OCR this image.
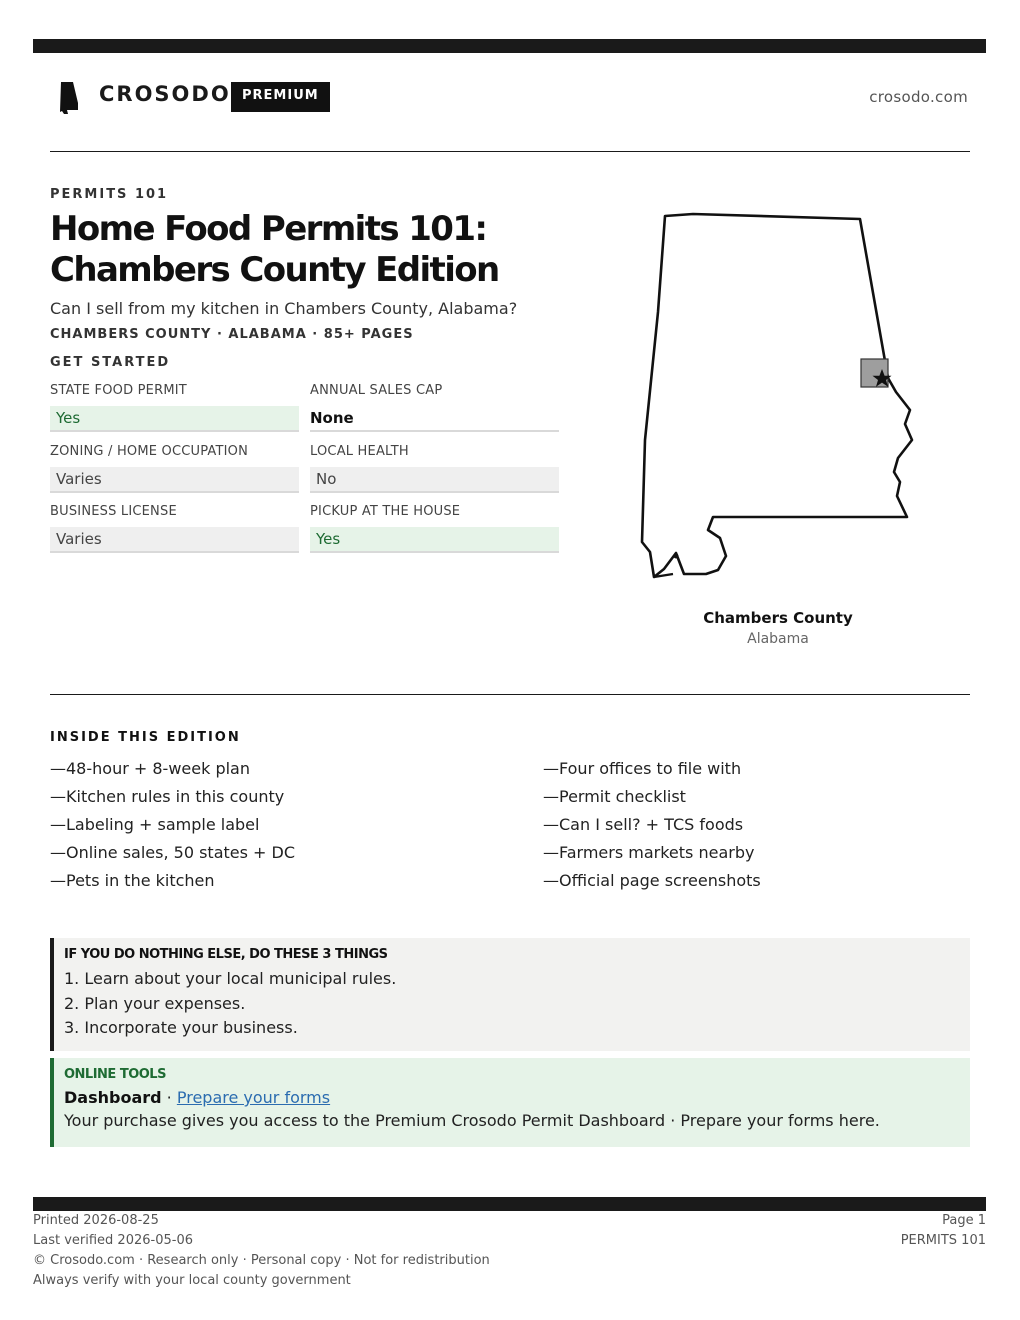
CROSODO PREMIUM	crosodo.com
PERMITS 101
Home Food Permits 101:
Chambers County Edition
Can I sell from my kitchen in Chambers County, Alabama?
CHAMBERS COUNTY · ALABAMA · 85+ PAGES
GET STARTED
STATE FOOD PERMIT
Yes
ANNUAL SALES CAP
None
ZONING / HOME OCCUPATION
Varies
LOCAL HEALTH
No
BUSINESS LICENSE
Varies
PICKUP AT THE HOUSE
Yes
Chambers County
Alabama
INSIDE THIS EDITION
—48-hour + 8-week plan
—Kitchen rules in this county
—Labeling + sample label
—Online sales, 50 states + DC
—Pets in the kitchen
—Four offices to file with
—Permit checklist
—Can I sell? + TCS foods
—Farmers markets nearby
—Official page screenshots
IF YOU DO NOTHING ELSE, DO THESE 3 THINGS
1. Learn about your local municipal rules.
2. Plan your expenses.
3. Incorporate your business.
ONLINE TOOLS
Dashboard · Prepare your forms
Your purchase gives you access to the Premium Crosodo Permit Dashboard · Prepare your forms here.
Printed 2026-08-25
Last verified 2026-05-06
© Crosodo.com · Research only · Personal copy · Not for redistribution
Always verify with your local county government
Page 1
PERMITS 101
